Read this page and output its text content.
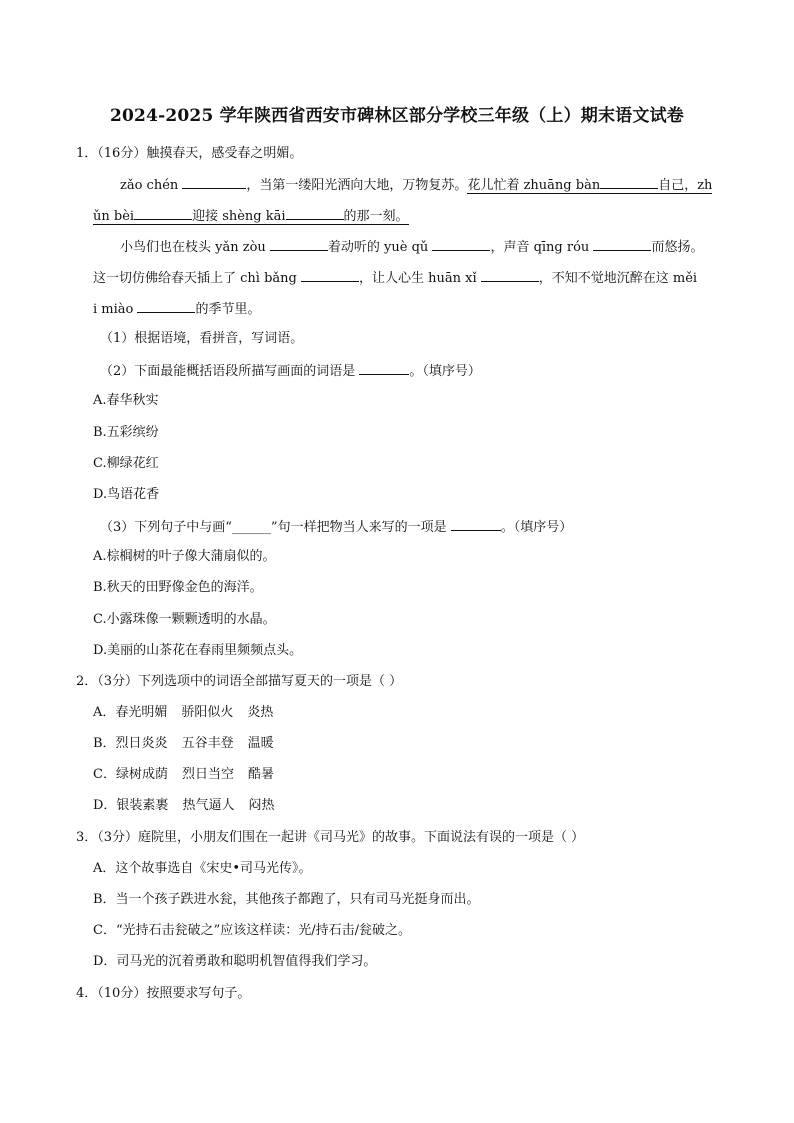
2024-2025 学年陕西省西安市碑林区部分学校三年级（上）期末语文试卷
1．（16分）触摸春天，感受春之明媚。
zǎo chén	，当第一缕阳光洒向大地，万物复苏。花儿忙着 zhuāng bàn	自己，zh
ǔn bèi	迎接 shèng kāi	的那一刻。
小鸟们也在枝头 yǎn zòu	着动听的 yuè qǔ	，声音 qīng róu	而悠扬。
这一切仿佛给春天插上了 chì bǎng	，让人心生 huān xǐ	，不知不觉地沉醉在这 měi
i miào	的季节里。
（1）根据语境，看拼音，写词语。
（2）下面最能概括语段所描写画面的词语是	。（填序号）
A.春华秋实
B.五彩缤纷
C.柳绿花红
D.鸟语花香
（3）下列句子中与画“______”句一样把物当人来写的一项是	。（填序号）
A.棕榈树的叶子像大蒲扇似的。
B.秋天的田野像金色的海洋。
C.小露珠像一颗颗透明的水晶。
D.美丽的山茶花在春雨里频频点头。
2．（3分）下列选项中的词语全部描写夏天的一项是（ ）
A．春光明媚 骄阳似火 炎热
B．烈日炎炎 五谷丰登 温暖
C．绿树成荫 烈日当空 酷暑
D．银装素裹 热气逼人 闷热
3．（3分）庭院里，小朋友们围在一起讲《司马光》的故事。下面说法有误的一项是（ ）
A．这个故事选自《宋史•司马光传》。
B．当一个孩子跌进水瓮，其他孩子都跑了，只有司马光挺身而出。
C．“光持石击瓮破之”应该这样读：光/持石击/瓮破之。
D．司马光的沉着勇敢和聪明机智值得我们学习。
4．（10分）按照要求写句子。
